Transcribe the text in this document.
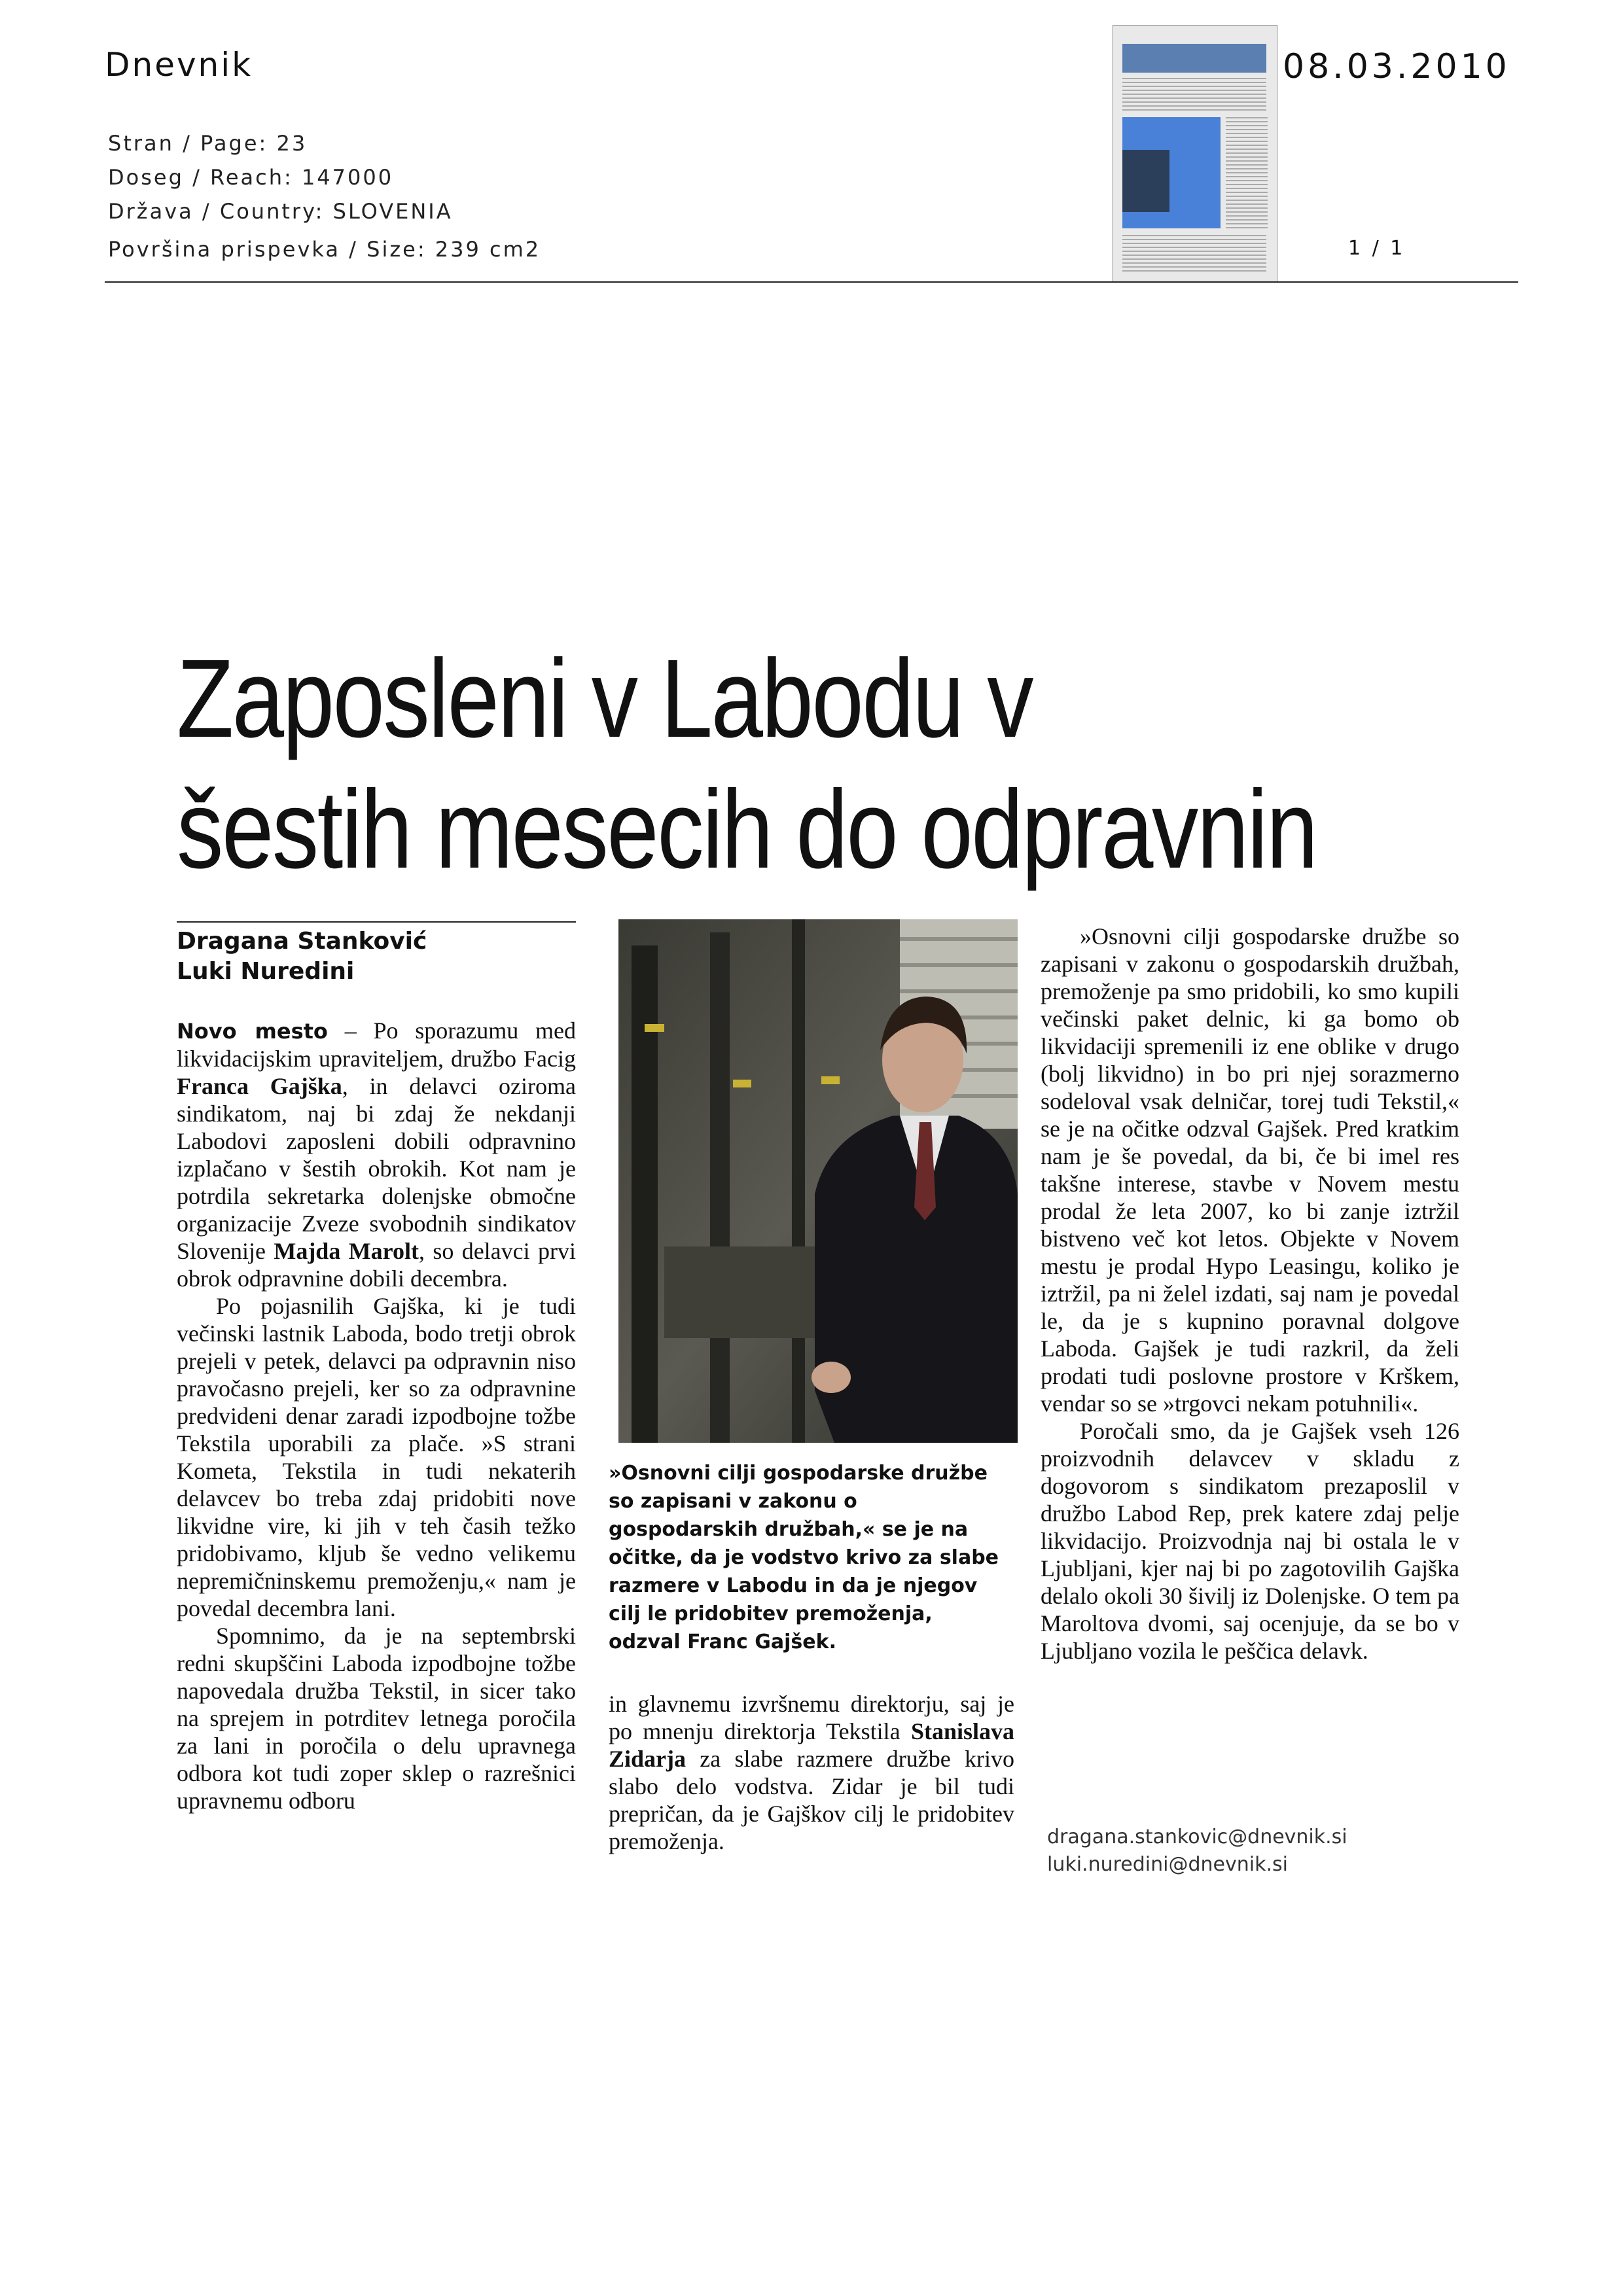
Dnevnik
Stran / Page: 23
Doseg / Reach: 147000
Država / Country: SLOVENIA
Površina prispevka / Size: 239 cm2
08.03.2010
1 / 1
Zaposleni v Labodu v
šestih mesecih do odpravnin
Dragana Stanković
Luki Nuredini

Novo mesto – Po sporazumu med likvidacijskim upraviteljem, družbo Facig Franca Gajška, in delavci oziroma sindikatom, naj bi zdaj že nekdanji Labodovi zaposleni dobili odpravnino izplačano v šestih obrokih. Kot nam je potrdila sekretarka dolenjske območne organizacije Zveze svobodnih sindikatov Slovenije Majda Marolt, so delavci prvi obrok odpravnine dobili decembra.

Po pojasnilih Gajška, ki je tudi večinski lastnik Laboda, bodo tretji obrok prejeli v petek, delavci pa odpravnin niso pravočasno prejeli, ker so za odpravnine predvideni denar zaradi izpodbojne tožbe Tekstila uporabili za plače. »S strani Kometa, Tekstila in tudi nekaterih delavcev bo treba zdaj pridobiti nove likvidne vire, ki jih v teh časih težko pridobivamo, kljub še vedno velikemu nepremičninskemu premoženju,« nam je povedal decembra lani.

Spomnimo, da je na septembrski redni skupščini Laboda izpodbojne tožbe napovedala družba Tekstil, in sicer tako na sprejem in potrditev letnega poročila za lani in poročila o delu upravnega odbora kot tudi zoper sklep o razrešnici upravnemu odboru

»Osnovni cilji gospodarske družbe so zapisani v zakonu o gospodarskih družbah,« se je na očitke, da je vodstvo krivo za slabe razmere v Labodu in da je njegov cilj le pridobitev premoženja, odzval Franc Gajšek.

in glavnemu izvršnemu direktorju, saj je po mnenju direktorja Tekstila Stanislava Zidarja za slabe razmere družbe krivo slabo delo vodstva. Zidar je bil tudi prepričan, da je Gajškov cilj le pridobitev premoženja.

»Osnovni cilji gospodarske družbe so zapisani v zakonu o gospodarskih družbah, premoženje pa smo pridobili, ko smo kupili večinski paket delnic, ki ga bomo ob likvidaciji spremenili iz ene oblike v drugo (bolj likvidno) in bo pri njej sorazmerno sodeloval vsak delničar, torej tudi Tekstil,« se je na očitke odzval Gajšek. Pred kratkim nam je še povedal, da bi, če bi imel res takšne interese, stavbe v Novem mestu prodal že leta 2007, ko bi zanje iztržil bistveno več kot letos. Objekte v Novem mestu je prodal Hypo Leasingu, koliko je iztržil, pa ni želel izdati, saj nam je povedal le, da je s kupnino poravnal dolgove Laboda. Gajšek je tudi razkril, da želi prodati tudi poslovne prostore v Krškem, vendar so se »trgovci nekam potuhnili«.

Poročali smo, da je Gajšek vseh 126 proizvodnih delavcev v skladu z dogovorom s sindikatom prezaposlil v družbo Labod Rep, prek katere zdaj pelje likvidacijo. Proizvodnja naj bi ostala le v Ljubljani, kjer naj bi po zagotovilih Gajška delalo okoli 30 šivilj iz Dolenjske. O tem pa Maroltova dvomi, saj ocenjuje, da se bo v Ljubljano vozila le peščica delavk.

dragana.stankovic@dnevnik.si
luki.nuredini@dnevnik.si
